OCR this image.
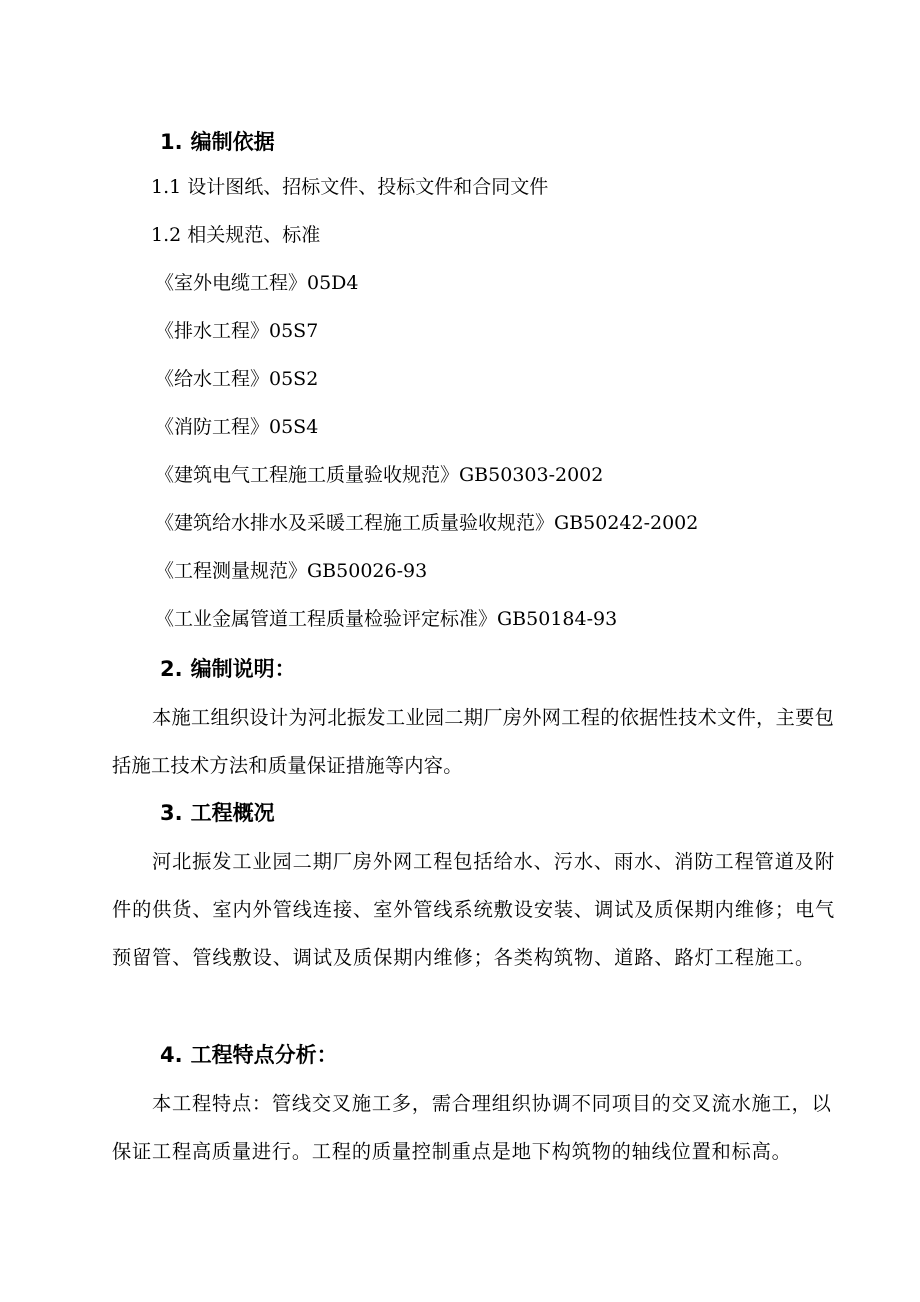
1. 编制依据
1.1 设计图纸、招标文件、投标文件和合同文件
1.2 相关规范、标准
《室外电缆工程》05D4
《排水工程》05S7
《给水工程》05S2
《消防工程》05S4
《建筑电气工程施工质量验收规范》GB50303-2002
《建筑给水排水及采暖工程施工质量验收规范》GB50242-2002
《工程测量规范》GB50026-93
《工业金属管道工程质量检验评定标准》GB50184-93
2. 编制说明：
本施工组织设计为河北振发工业园二期厂房外网工程的依据性技术文件，主要包括施工技术方法和质量保证措施等内容。
3. 工程概况
河北振发工业园二期厂房外网工程包括给水、污水、雨水、消防工程管道及附件的供货、室内外管线连接、室外管线系统敷设安装、调试及质保期内维修；电气预留管、管线敷设、调试及质保期内维修；各类构筑物、道路、路灯工程施工。
4. 工程特点分析：
本工程特点：管线交叉施工多，需合理组织协调不同项目的交叉流水施工，以保证工程高质量进行。工程的质量控制重点是地下构筑物的轴线位置和标高。
